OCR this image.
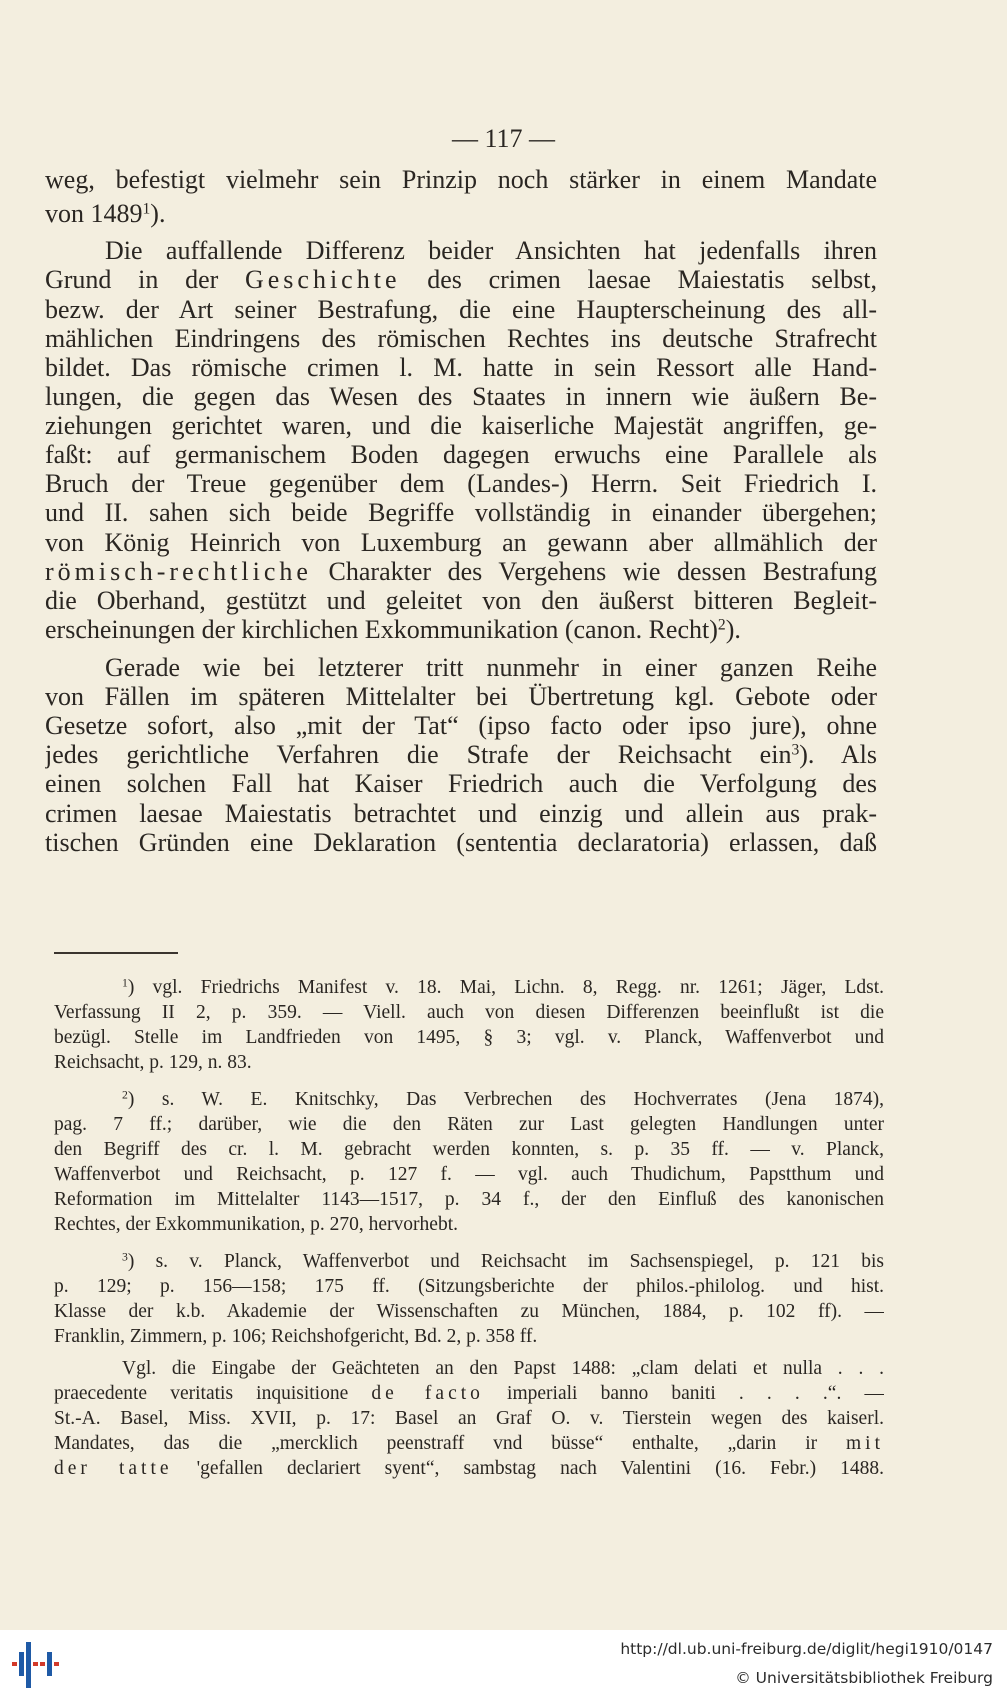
— 117 —
weg, befestigt vielmehr sein Prinzip noch stärker in einem Mandate
von 1489$^1$).
Die auffallende Differenz beider Ansichten hat jedenfalls ihren
Grund in der Geschichte des crimen laesae Maiestatis selbst,
bezw. der Art seiner Bestrafung, die eine Haupterscheinung des all-
mählichen Eindringens des römischen Rechtes ins deutsche Strafrecht
bildet. Das römische crimen l. M. hatte in sein Ressort alle Hand-
lungen, die gegen das Wesen des Staates in innern wie äußern Be-
ziehungen gerichtet waren, und die kaiserliche Majestät angriffen, ge-
faßt: auf germanischem Boden dagegen erwuchs eine Parallele als
Bruch der Treue gegenüber dem (Landes-) Herrn. Seit Friedrich I.
und II. sahen sich beide Begriffe vollständig in einander übergehen;
von König Heinrich von Luxemburg an gewann aber allmählich der
römisch-rechtliche Charakter des Vergehens wie dessen Bestrafung
die Oberhand, gestützt und geleitet von den äußerst bitteren Begleit-
erscheinungen der kirchlichen Exkommunikation (canon. Recht)$^2$).
Gerade wie bei letzterer tritt nunmehr in einer ganzen Reihe
von Fällen im späteren Mittelalter bei Übertretung kgl. Gebote oder
Gesetze sofort, also „mit der Tat“ (ipso facto oder ipso jure), ohne
jedes gerichtliche Verfahren die Strafe der Reichsacht ein$^3$). Als
einen solchen Fall hat Kaiser Friedrich auch die Verfolgung des
crimen laesae Maiestatis betrachtet und einzig und allein aus prak-
tischen Gründen eine Deklaration (sententia declaratoria) erlassen, daß
$^1$) vgl. Friedrichs Manifest v. 18. Mai, Lichn. 8, Regg. nr. 1261; Jäger, Ldst.
Verfassung II 2, p. 359. — Viell. auch von diesen Differenzen beeinflußt ist die
bezügl. Stelle im Landfrieden von 1495, § 3; vgl. v. Planck, Waffenverbot und
Reichsacht, p. 129, n. 83.
$^2$) s. W. E. Knitschky, Das Verbrechen des Hochverrates (Jena 1874),
pag. 7 ff.; darüber, wie die den Räten zur Last gelegten Handlungen unter
den Begriff des cr. l. M. gebracht werden konnten, s. p. 35 ff. — v. Planck,
Waffenverbot und Reichsacht, p. 127 f. — vgl. auch Thudichum, Papstthum und
Reformation im Mittelalter 1143—1517, p. 34 f., der den Einfluß des kanonischen
Rechtes, der Exkommunikation, p. 270, hervorhebt.
$^3$) s. v. Planck, Waffenverbot und Reichsacht im Sachsenspiegel, p. 121 bis
p. 129; p. 156—158; 175 ff. (Sitzungsberichte der philos.-philolog. und hist.
Klasse der k.b. Akademie der Wissenschaften zu München, 1884, p. 102 ff). —
Franklin, Zimmern, p. 106; Reichshofgericht, Bd. 2, p. 358 ff.
Vgl. die Eingabe der Geächteten an den Papst 1488: „clam delati et nulla . . .
praecedente veritatis inquisitione de facto imperiali banno baniti . . . .“. —
St.-A. Basel, Miss. XVII, p. 17: Basel an Graf O. v. Tierstein wegen des kaiserl.
Mandates, das die „mercklich peenstraff vnd büsse“ enthalte, „darin ir mit
der tatte 'gefallen declariert syent“, sambstag nach Valentini (16. Febr.) 1488.
http://dl.ub.uni-freiburg.de/diglit/hegi1910/0147
© Universitätsbibliothek Freiburg
